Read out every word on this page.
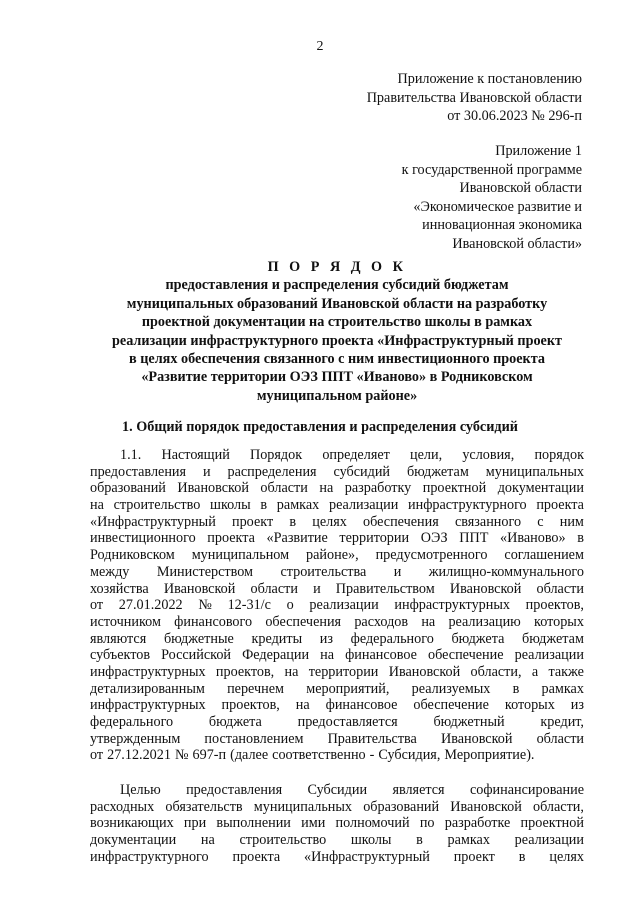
2
Приложение к постановлению
Правительства Ивановской области
от 30.06.2023 № 296-п
Приложение 1
к государственной программе
Ивановской области
«Экономическое развитие и
инновационная экономика
Ивановской области»
П О Р Я Д О К
предоставления и распределения субсидий бюджетам
муниципальных образований Ивановской области на разработку
проектной документации на строительство школы в рамках
реализации инфраструктурного проекта «Инфраструктурный проект
в целях обеспечения связанного с ним инвестиционного проекта
«Развитие территории ОЭЗ ППТ «Иваново» в Родниковском
муниципальном районе»
1. Общий порядок предоставления и распределения субсидий
1.1. Настоящий Порядок определяет цели, условия, порядок
предоставления и распределения субсидий бюджетам муниципальных
образований Ивановской области на разработку проектной документации
на строительство школы в рамках реализации инфраструктурного проекта
«Инфраструктурный проект в целях обеспечения связанного с ним
инвестиционного проекта «Развитие территории ОЭЗ ППТ «Иваново» в
Родниковском муниципальном районе», предусмотренного соглашением
между Министерством строительства и жилищно-коммунального
хозяйства Ивановской области и Правительством Ивановской области
от 27.01.2022 № 12-31/с о реализации инфраструктурных проектов,
источником финансового обеспечения расходов на реализацию которых
являются бюджетные кредиты из федерального бюджета бюджетам
субъектов Российской Федерации на финансовое обеспечение реализации
инфраструктурных проектов, на территории Ивановской области, а также
детализированным перечнем мероприятий, реализуемых в рамках
инфраструктурных проектов, на финансовое обеспечение которых из
федерального	бюджета	предоставляется	бюджетный	кредит,
утвержденным постановлением Правительства Ивановской области
от 27.12.2021 № 697-п (далее соответственно - Субсидия, Мероприятие).
Целью предоставления Субсидии является софинансирование
расходных обязательств муниципальных образований Ивановской области,
возникающих при выполнении ими полномочий по разработке проектной
документации на строительство школы в рамках реализации
инфраструктурного проекта «Инфраструктурный проект в целях
